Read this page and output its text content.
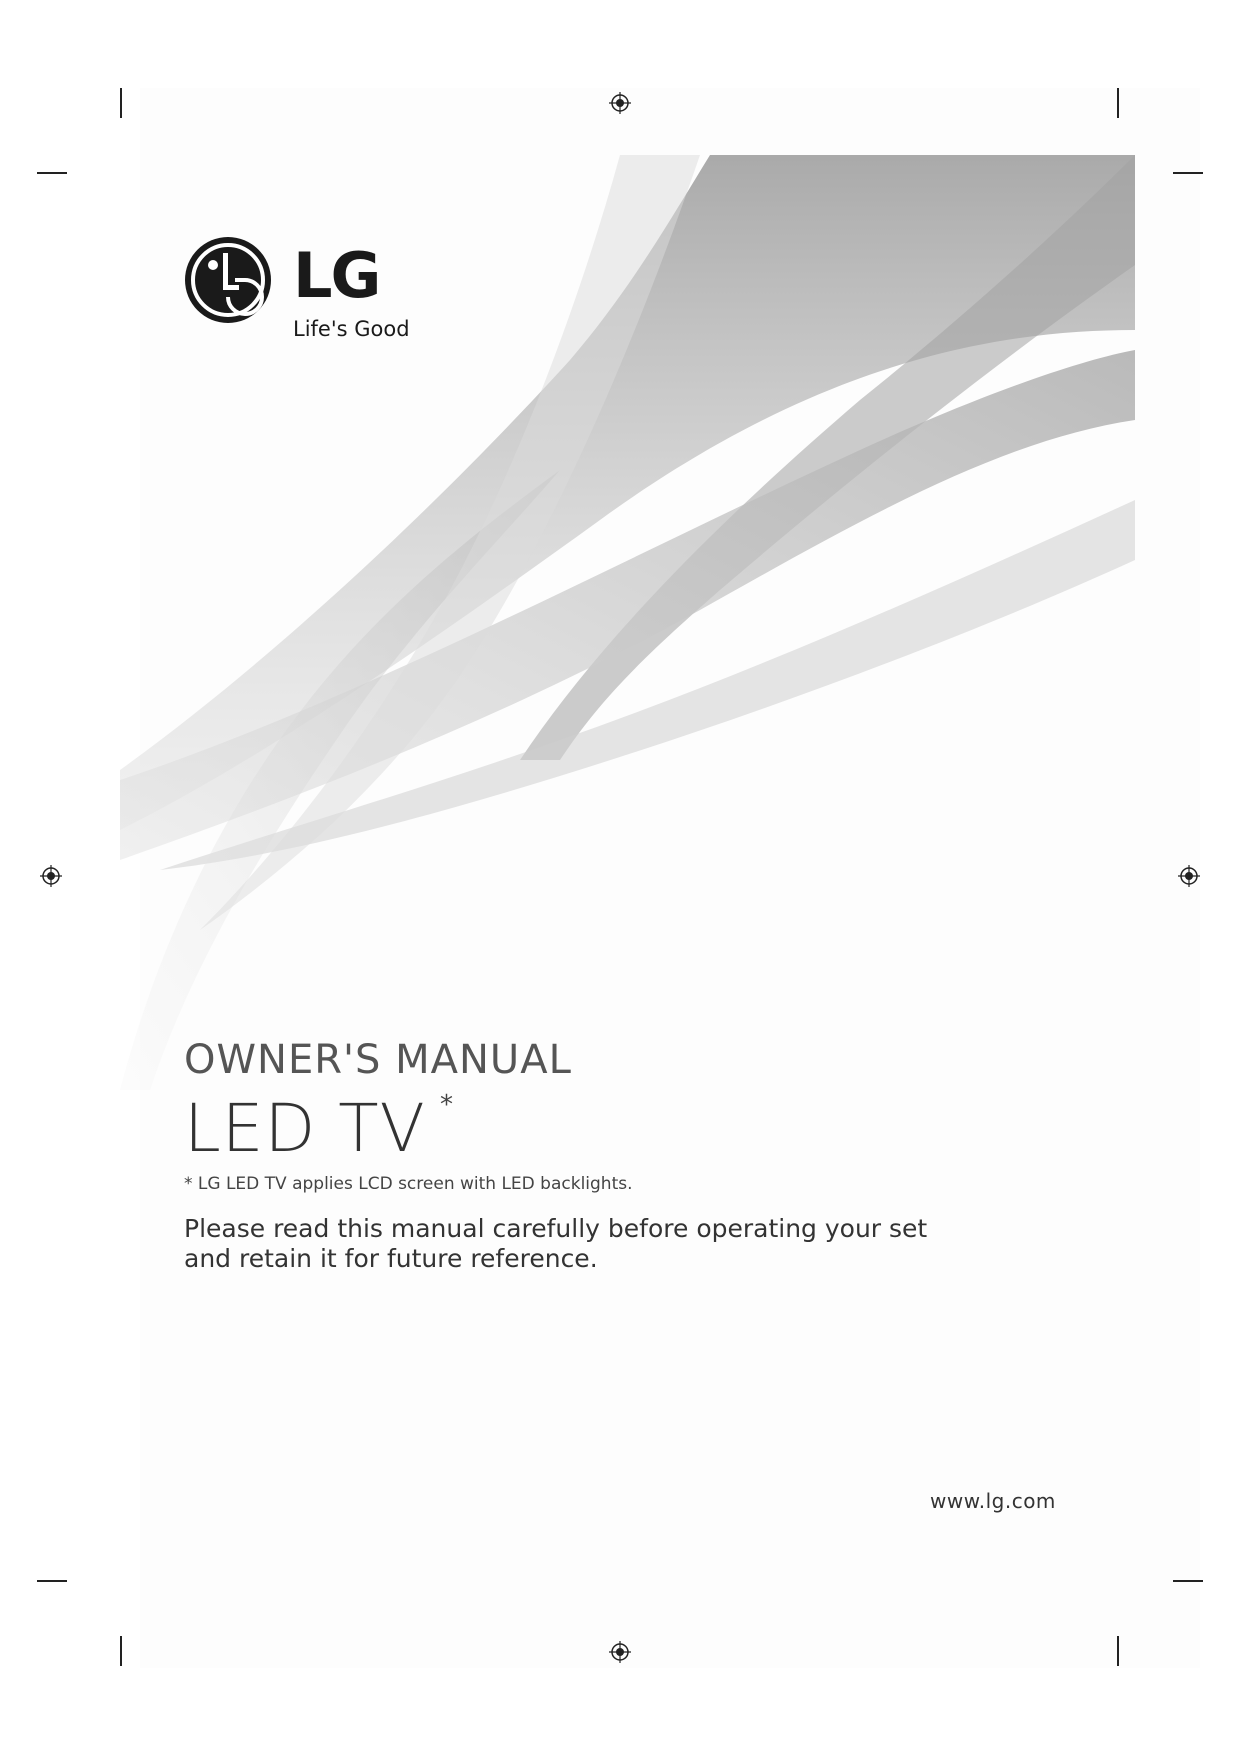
LG
Life's Good
OWNER'S MANUAL
LED TV *
* LG LED TV applies LCD screen with LED backlights.
Please read this manual carefully before operating your set and retain it for future reference.
www.lg.com
